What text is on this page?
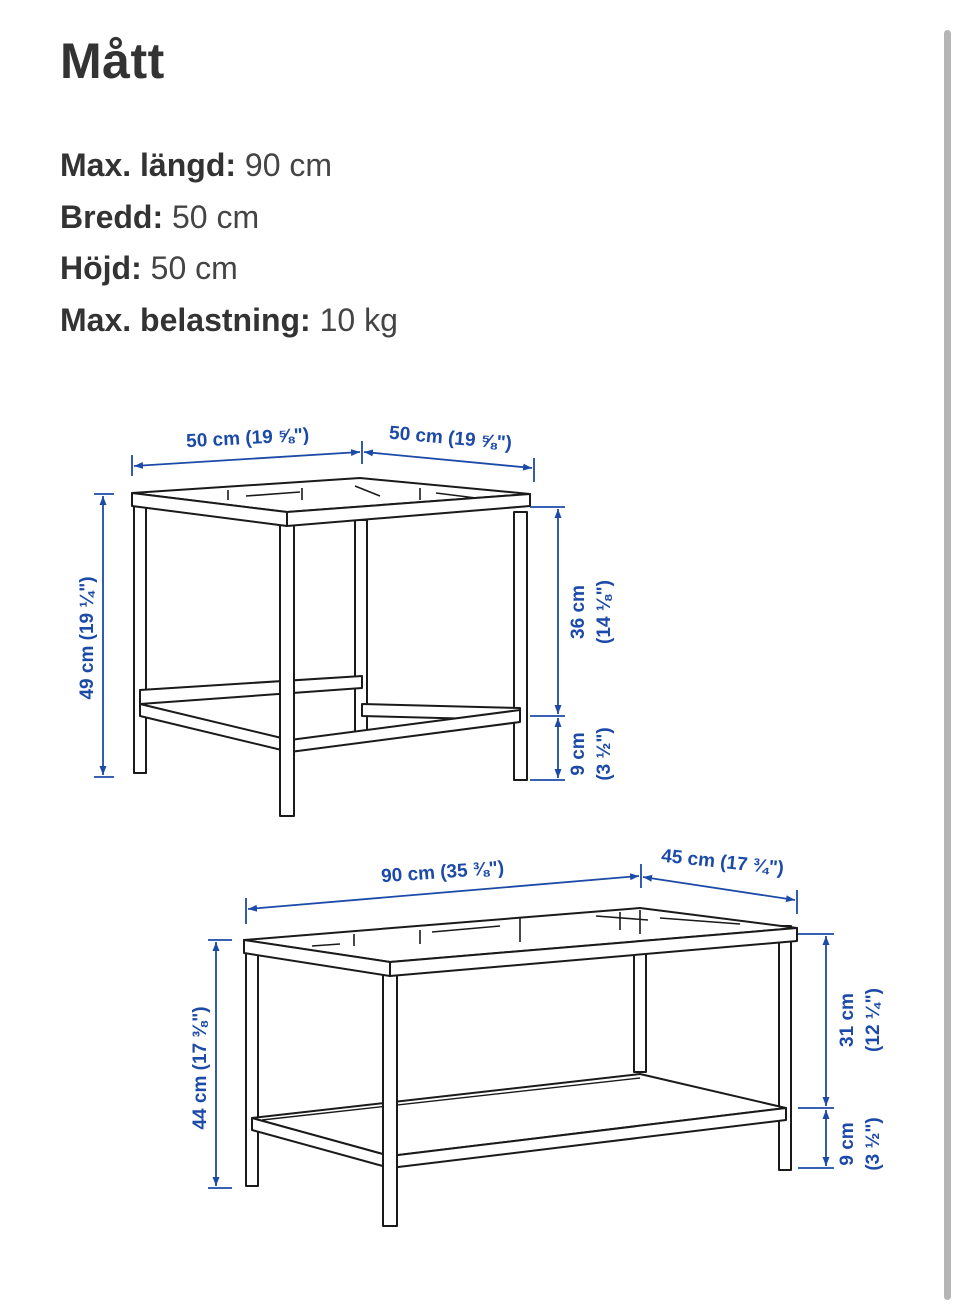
Mått
Max. längd: 90 cm
Bredd: 50 cm
Höjd: 50 cm
Max. belastning: 10 kg
50 cm (19 ⅝")	50 cm (19 ⅝")
49 cm (19 ¼")	36 cm (14 ⅛")
9 cm (3 ½")
90 cm (35 ⅜")	45 cm (17 ¾")
44 cm (17 ⅜")	31 cm (12 ¼")
9 cm (3 ½")
